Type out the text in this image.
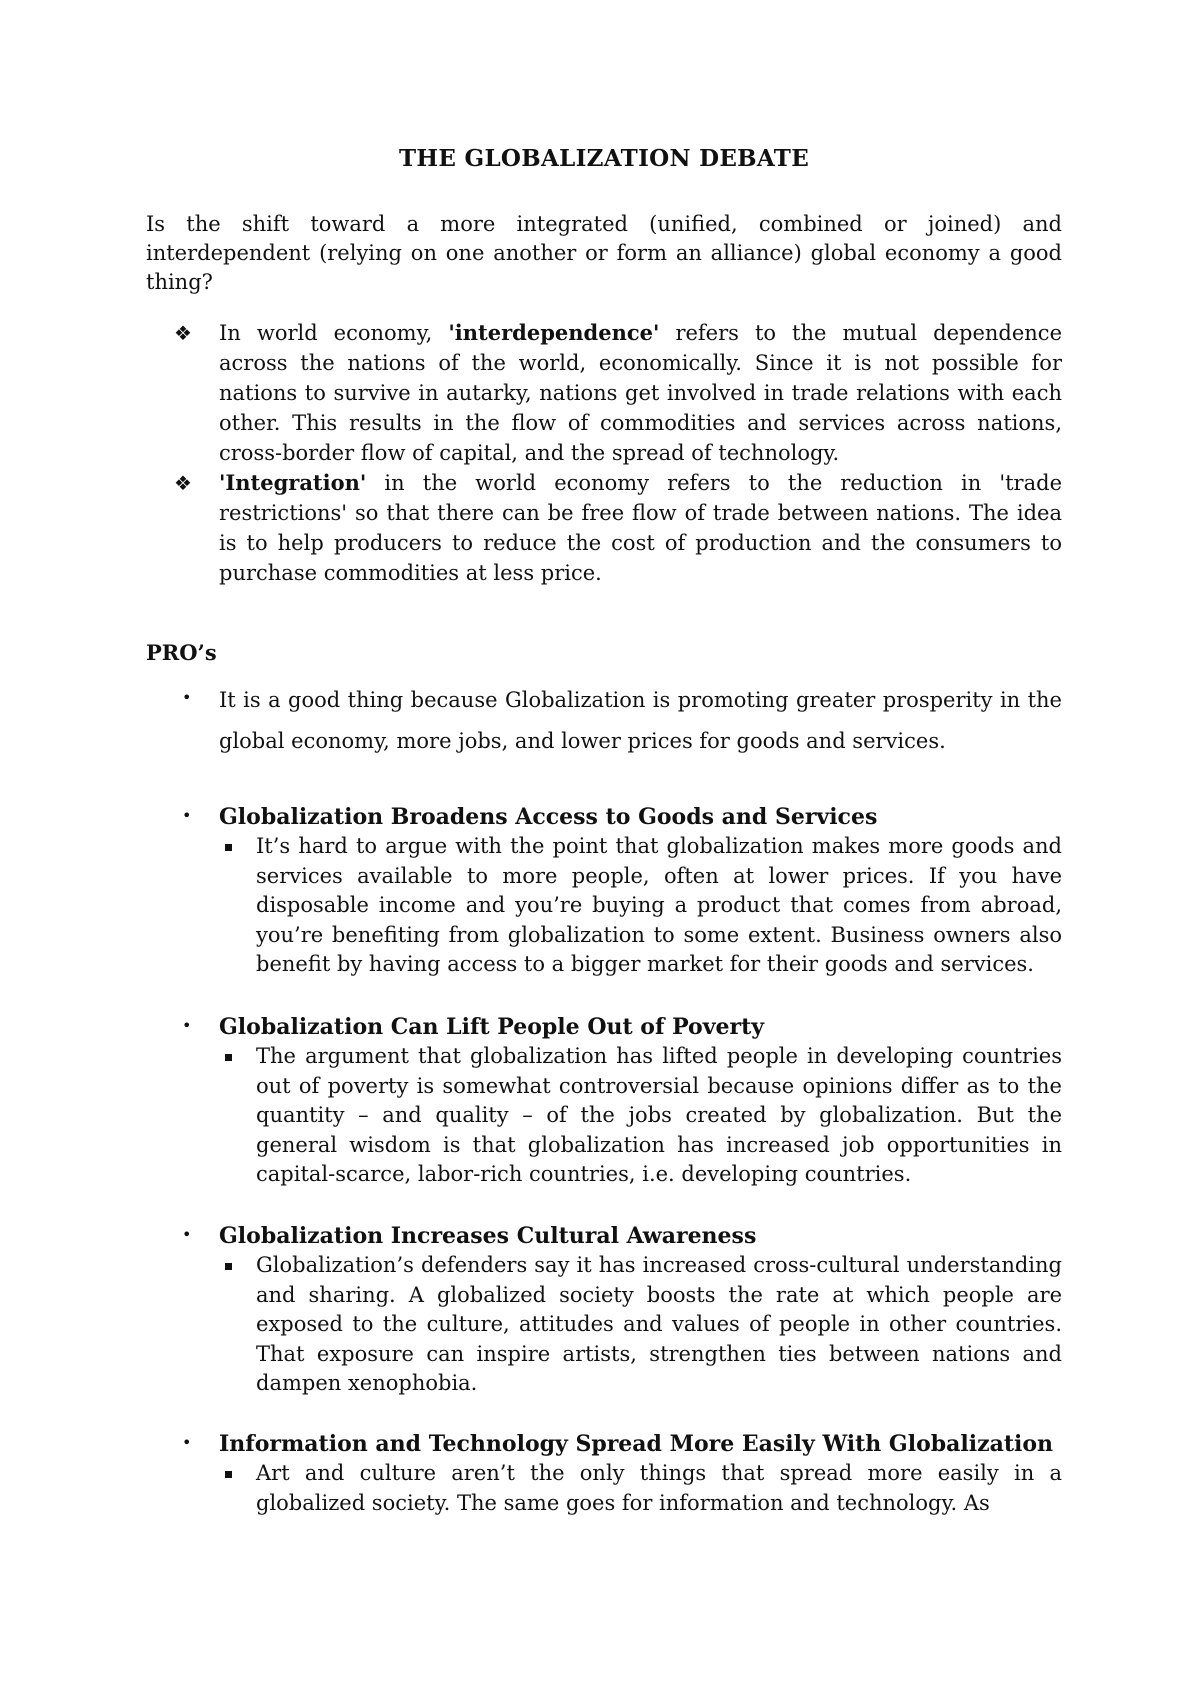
THE GLOBALIZATION DEBATE
Is the shift toward a more integrated (unified, combined or joined) and interdependent (relying on one another or form an alliance) global economy a good thing?
❖ In world economy, 'interdependence' refers to the mutual dependence across the nations of the world, economically. Since it is not possible for nations to survive in autarky, nations get involved in trade relations with each other. This results in the flow of commodities and services across nations, cross-border flow of capital, and the spread of technology.
❖ 'Integration' in the world economy refers to the reduction in 'trade restrictions' so that there can be free flow of trade between nations. The idea is to help producers to reduce the cost of production and the consumers to purchase commodities at less price.
PRO’s
• It is a good thing because Globalization is promoting greater prosperity in the global economy, more jobs, and lower prices for goods and services.
• Globalization Broadens Access to Goods and Services
It’s hard to argue with the point that globalization makes more goods and services available to more people, often at lower prices. If you have disposable income and you’re buying a product that comes from abroad, you’re benefiting from globalization to some extent. Business owners also benefit by having access to a bigger market for their goods and services.
• Globalization Can Lift People Out of Poverty
The argument that globalization has lifted people in developing countries out of poverty is somewhat controversial because opinions differ as to the quantity – and quality – of the jobs created by globalization. But the general wisdom is that globalization has increased job opportunities in capital-scarce, labor-rich countries, i.e. developing countries.
• Globalization Increases Cultural Awareness
Globalization’s defenders say it has increased cross-cultural understanding and sharing. A globalized society boosts the rate at which people are exposed to the culture, attitudes and values of people in other countries. That exposure can inspire artists, strengthen ties between nations and dampen xenophobia.
• Information and Technology Spread More Easily With Globalization
Art and culture aren’t the only things that spread more easily in a globalized society. The same goes for information and technology. As
